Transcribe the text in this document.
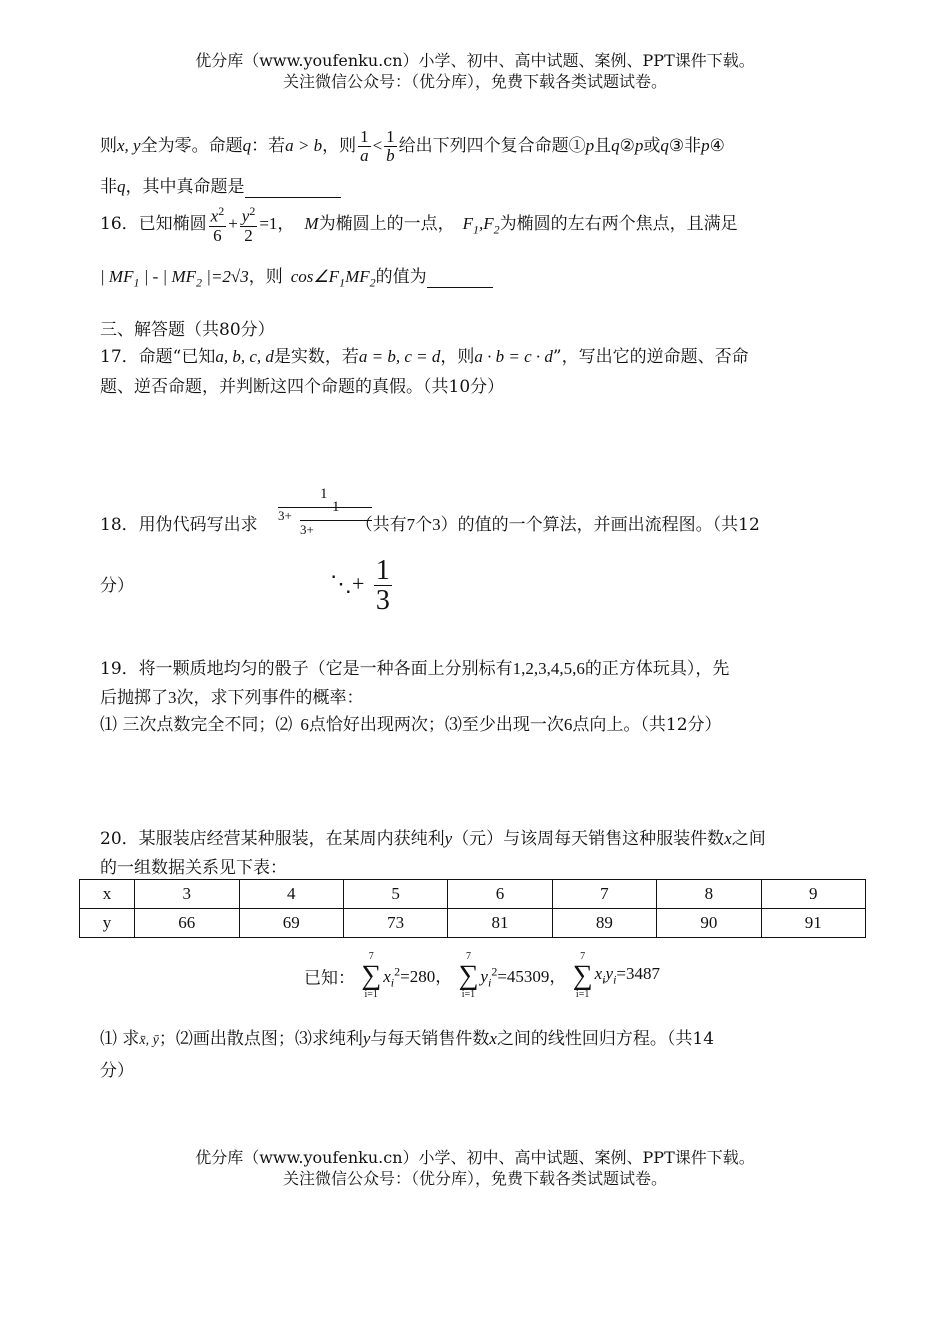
优分库（www.youfenku.cn）小学、初中、高中试题、案例、PPT课件下载。
关注微信公众号：（优分库），免费下载各类试题试卷。
则x, y全为零。命题q：若a > b，则 $\frac{1}{a} < \frac{1}{b}$ 给出下列四个复合命题①p且q②p或q③非p④
非q，其中真命题是
16．已知椭圆 $\frac{x^2}{6} + \frac{y^2}{2} =1$， M为椭圆上的一点， $F_1,F_2$为椭圆的左右两个焦点，且满足
| $MF_1$ | - | $MF_2$ |=2√3，则 $\cos\angle F_1MF_2$的值为
三、解答题（共80分）
17．命题“已知a, b, c, d是实数，若a = b, c = d，则a · b = c · d”，写出它的逆命题、否命
题、逆否命题，并判断这四个命题的真假。（共10分）
18．用伪代码写出求	（共有7个3）的值的一个算法，并画出流程图。（共12
1
3+
1
3+
⋱+ $\frac{1}{3}$
分）
19．将一颗质地均匀的骰子（它是一种各面上分别标有1,2,3,4,5,6的正方体玩具），先
后抛掷了3次，求下列事件的概率：
⑴ 三次点数完全不同；⑵ 6点恰好出现两次；⑶至少出现一次6点向上。（共12分）
20．某服装店经营某种服装，在某周内获纯利y（元）与该周每天销售这种服装件数x之间
的一组数据关系见下表：
x	3	4	5	6	7	8	9
y	66	69	73	81	89	90	91
已知：
7
∑
i=1
$x_i^2=280$，
7
∑
i=1
$y_i^2=45309$，
7
∑
i=1
$x_iy_i=3487$
⑴ 求x̄, ȳ；⑵画出散点图；⑶求纯利y与每天销售件数x之间的线性回归方程。（共14
分）
优分库（www.youfenku.cn）小学、初中、高中试题、案例、PPT课件下载。
关注微信公众号：（优分库），免费下载各类试题试卷。
